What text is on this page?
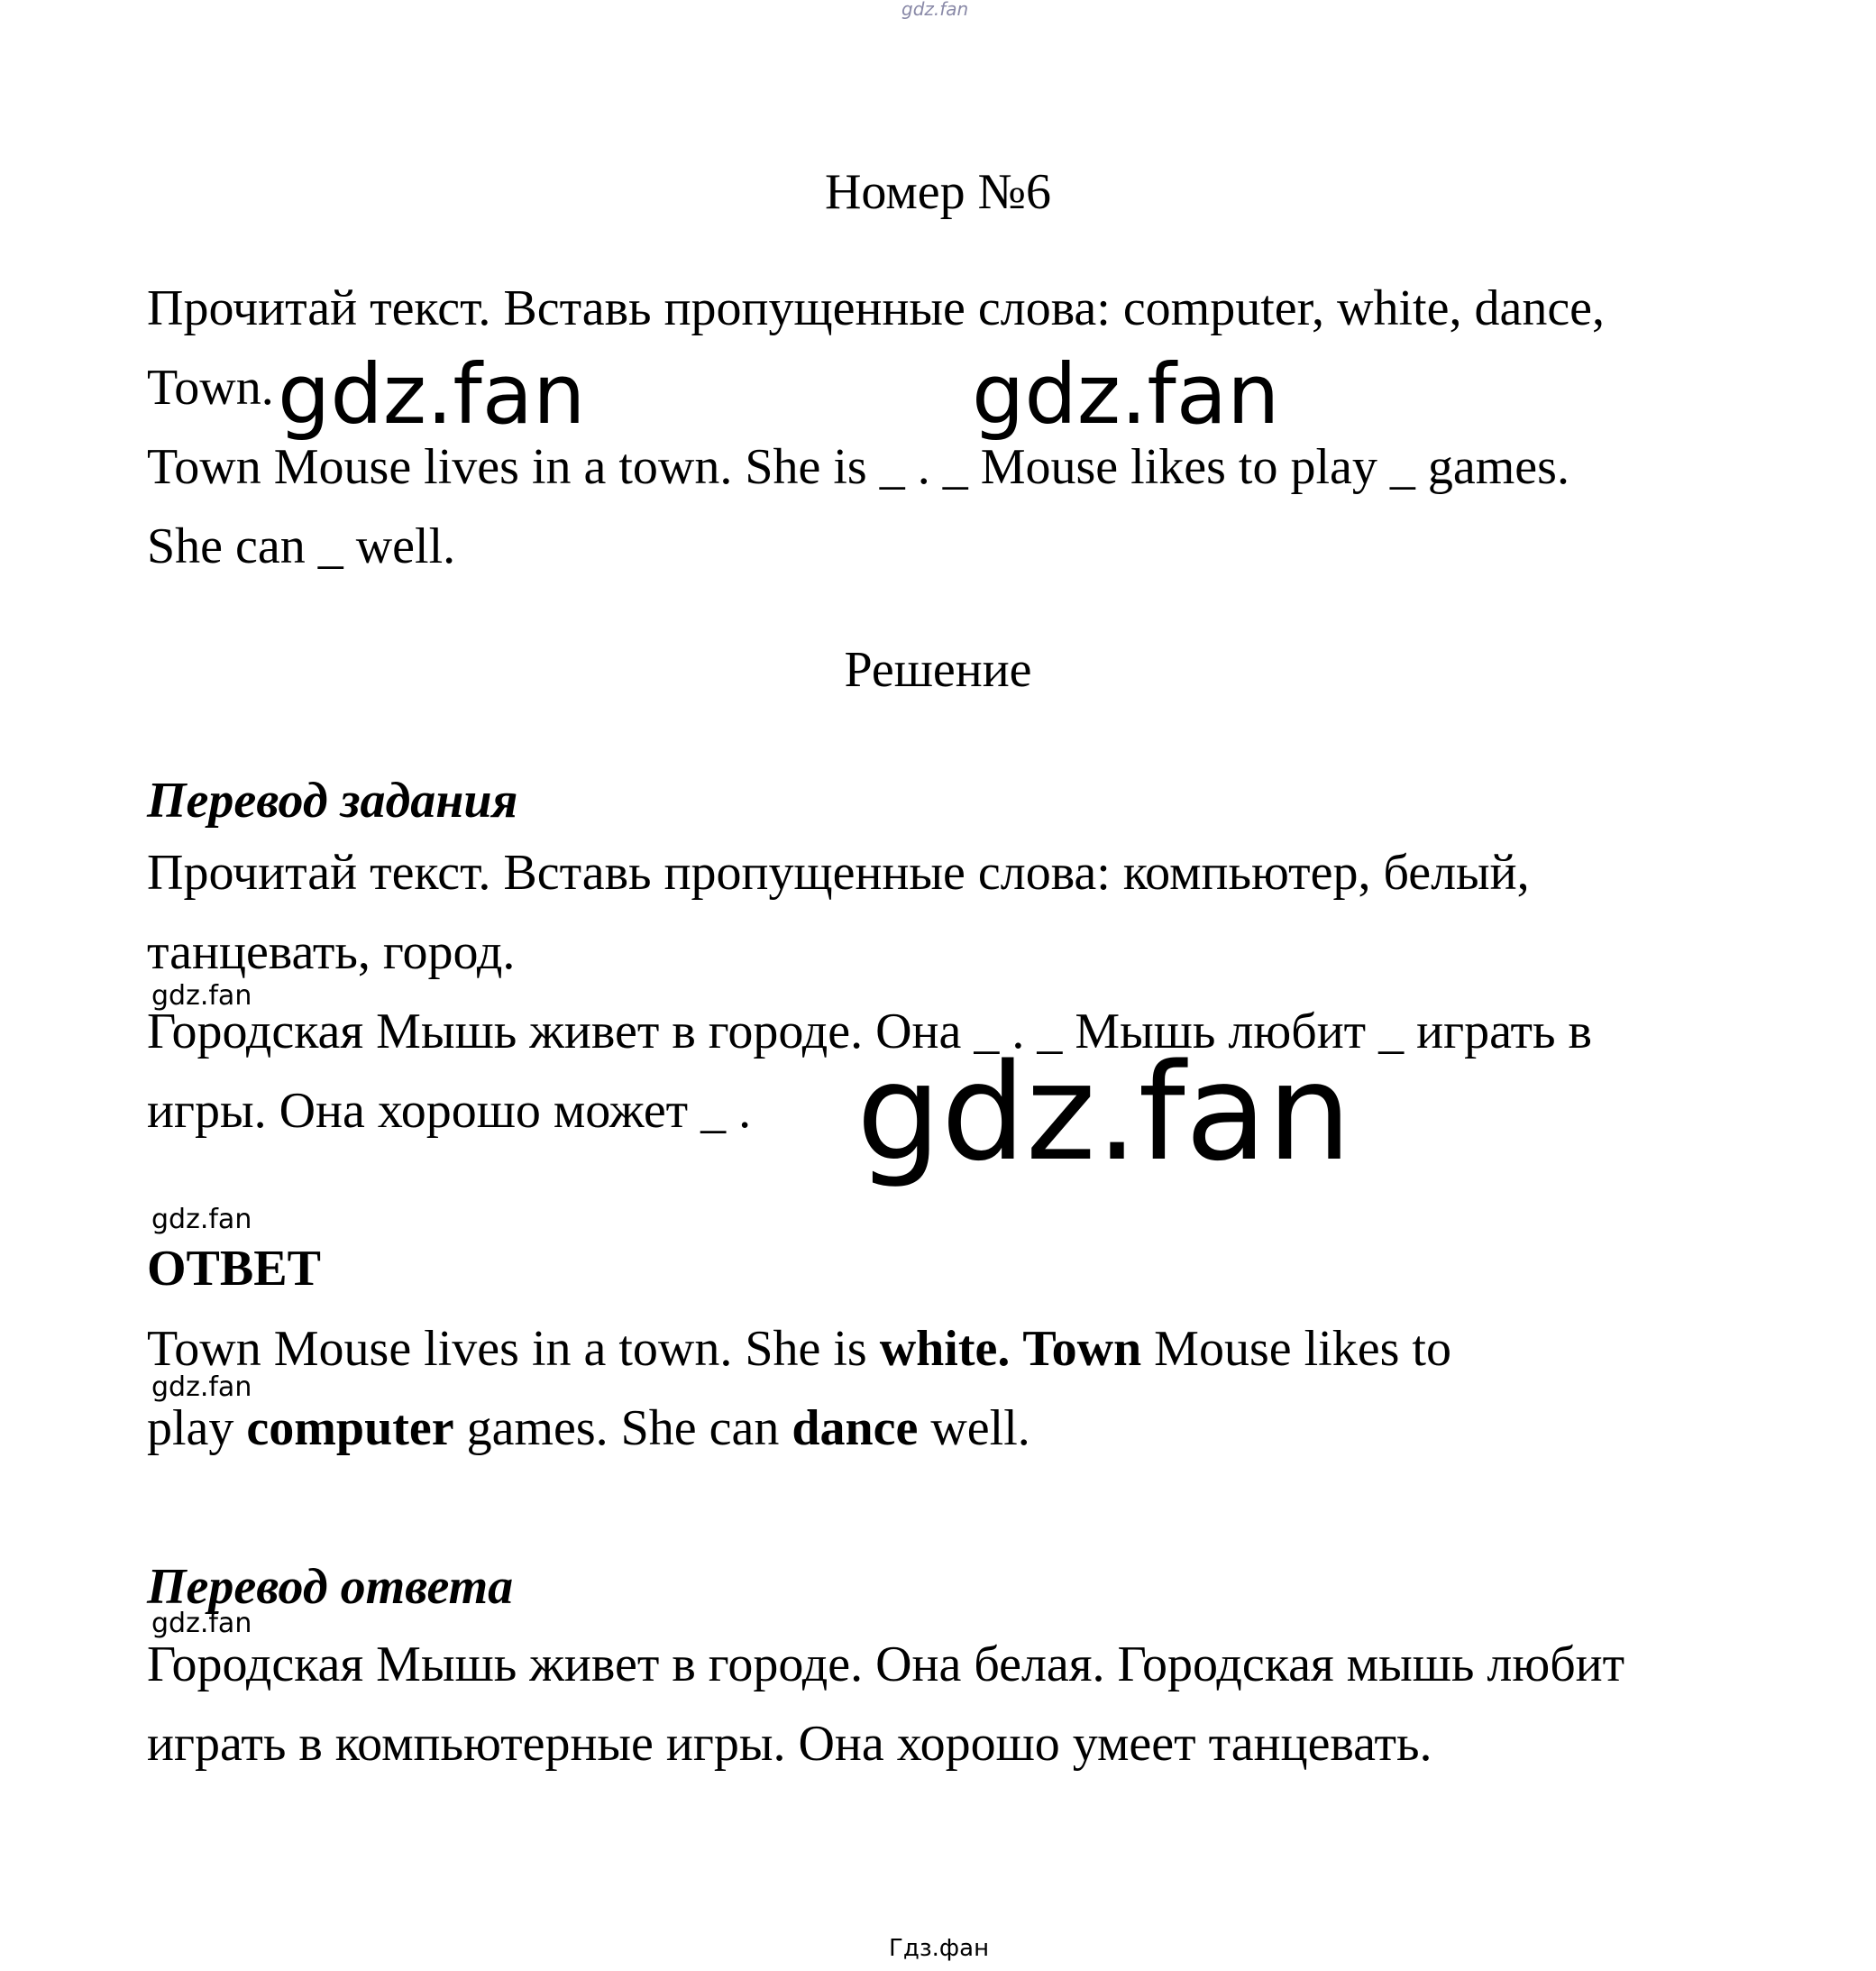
gdz.fan
Номер №6
Прочитай текст. Вставь пропущенные слова: computer, white, dance,
Town. gdz.fan	gdz.fan
Town Mouse lives in a town. She is _ . _ Mouse likes to play _ games.
She can _ well.
Решение
Перевод задания
Прочитай текст. Вставь пропущенные слова: компьютер, белый,
танцевать, город.
gdz.fan
Городская Мышь живет в городе. Она _ . _ Мышь любит _ играть в
игры. Она хорошо может _ . gdz.fan
gdz.fan
ОТВЕТ
Town Mouse lives in a town. She is white. Town Mouse likes to
gdz.fan
play computer games. She can dance well.
Перевод ответа
gdz.fan
Городская Мышь живет в городе. Она белая. Городская мышь любит
играть в компьютерные игры. Она хорошо умеет танцевать.
Гдз.фан
